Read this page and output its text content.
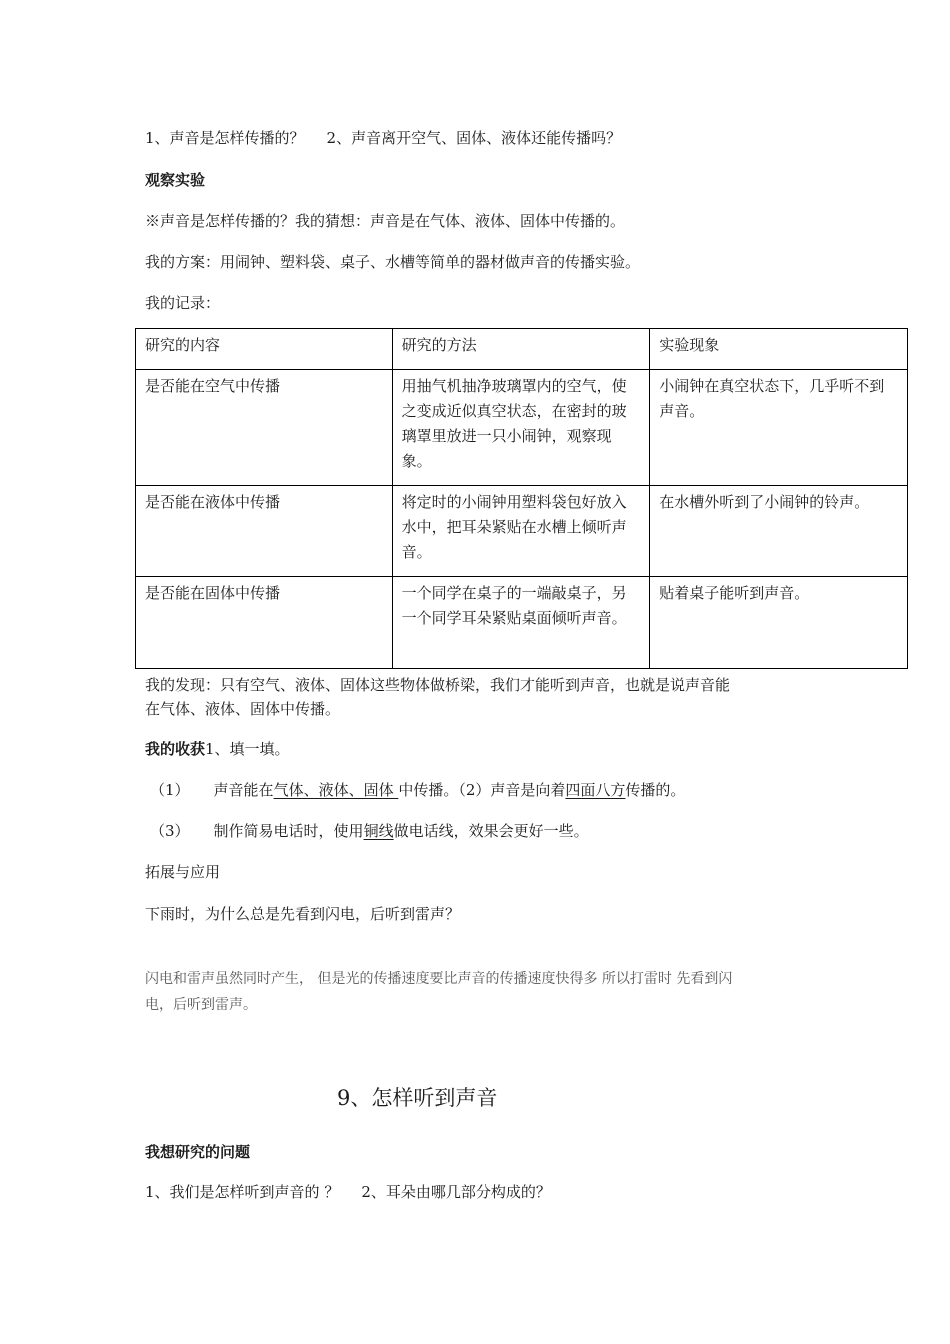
1、声音是怎样传播的？ 2、声音离开空气、固体、液体还能传播吗？
观察实验
※声音是怎样传播的？我的猜想：声音是在气体、液体、固体中传播的。
我的方案：用闹钟、塑料袋、桌子、水槽等简单的器材做声音的传播实验。
我的记录：
研究的内容	研究的方法	实验现象
是否能在空气中传播	用抽气机抽净玻璃罩内的空气，使之变成近似真空状态，在密封的玻璃罩里放进一只小闹钟，观察现象。	小闹钟在真空状态下，几乎听不到声音。
是否能在液体中传播	将定时的小闹钟用塑料袋包好放入水中，把耳朵紧贴在水槽上倾听声音。	在水槽外听到了小闹钟的铃声。
是否能在固体中传播	一个同学在桌子的一端敲桌子，另一个同学耳朵紧贴桌面倾听声音。	贴着桌子能听到声音。
我的发现：只有空气、液体、固体这些物体做桥梁，我们才能听到声音，也就是说声音能
在气体、液体、固体中传播。
我的收获1、填一填。
（1） 声音能在气体、液体、固体 中传播。（2）声音是向着四面八方传播的。
（3） 制作简易电话时，使用铜线做电话线，效果会更好一些。
拓展与应用
下雨时，为什么总是先看到闪电，后听到雷声？
闪电和雷声虽然同时产生， 但是光的传播速度要比声音的传播速度快得多 所以打雷时 先看到闪
电，后听到雷声。
9、怎样听到声音
我想研究的问题
1、我们是怎样听到声音的 ？ 2、耳朵由哪几部分构成的？
